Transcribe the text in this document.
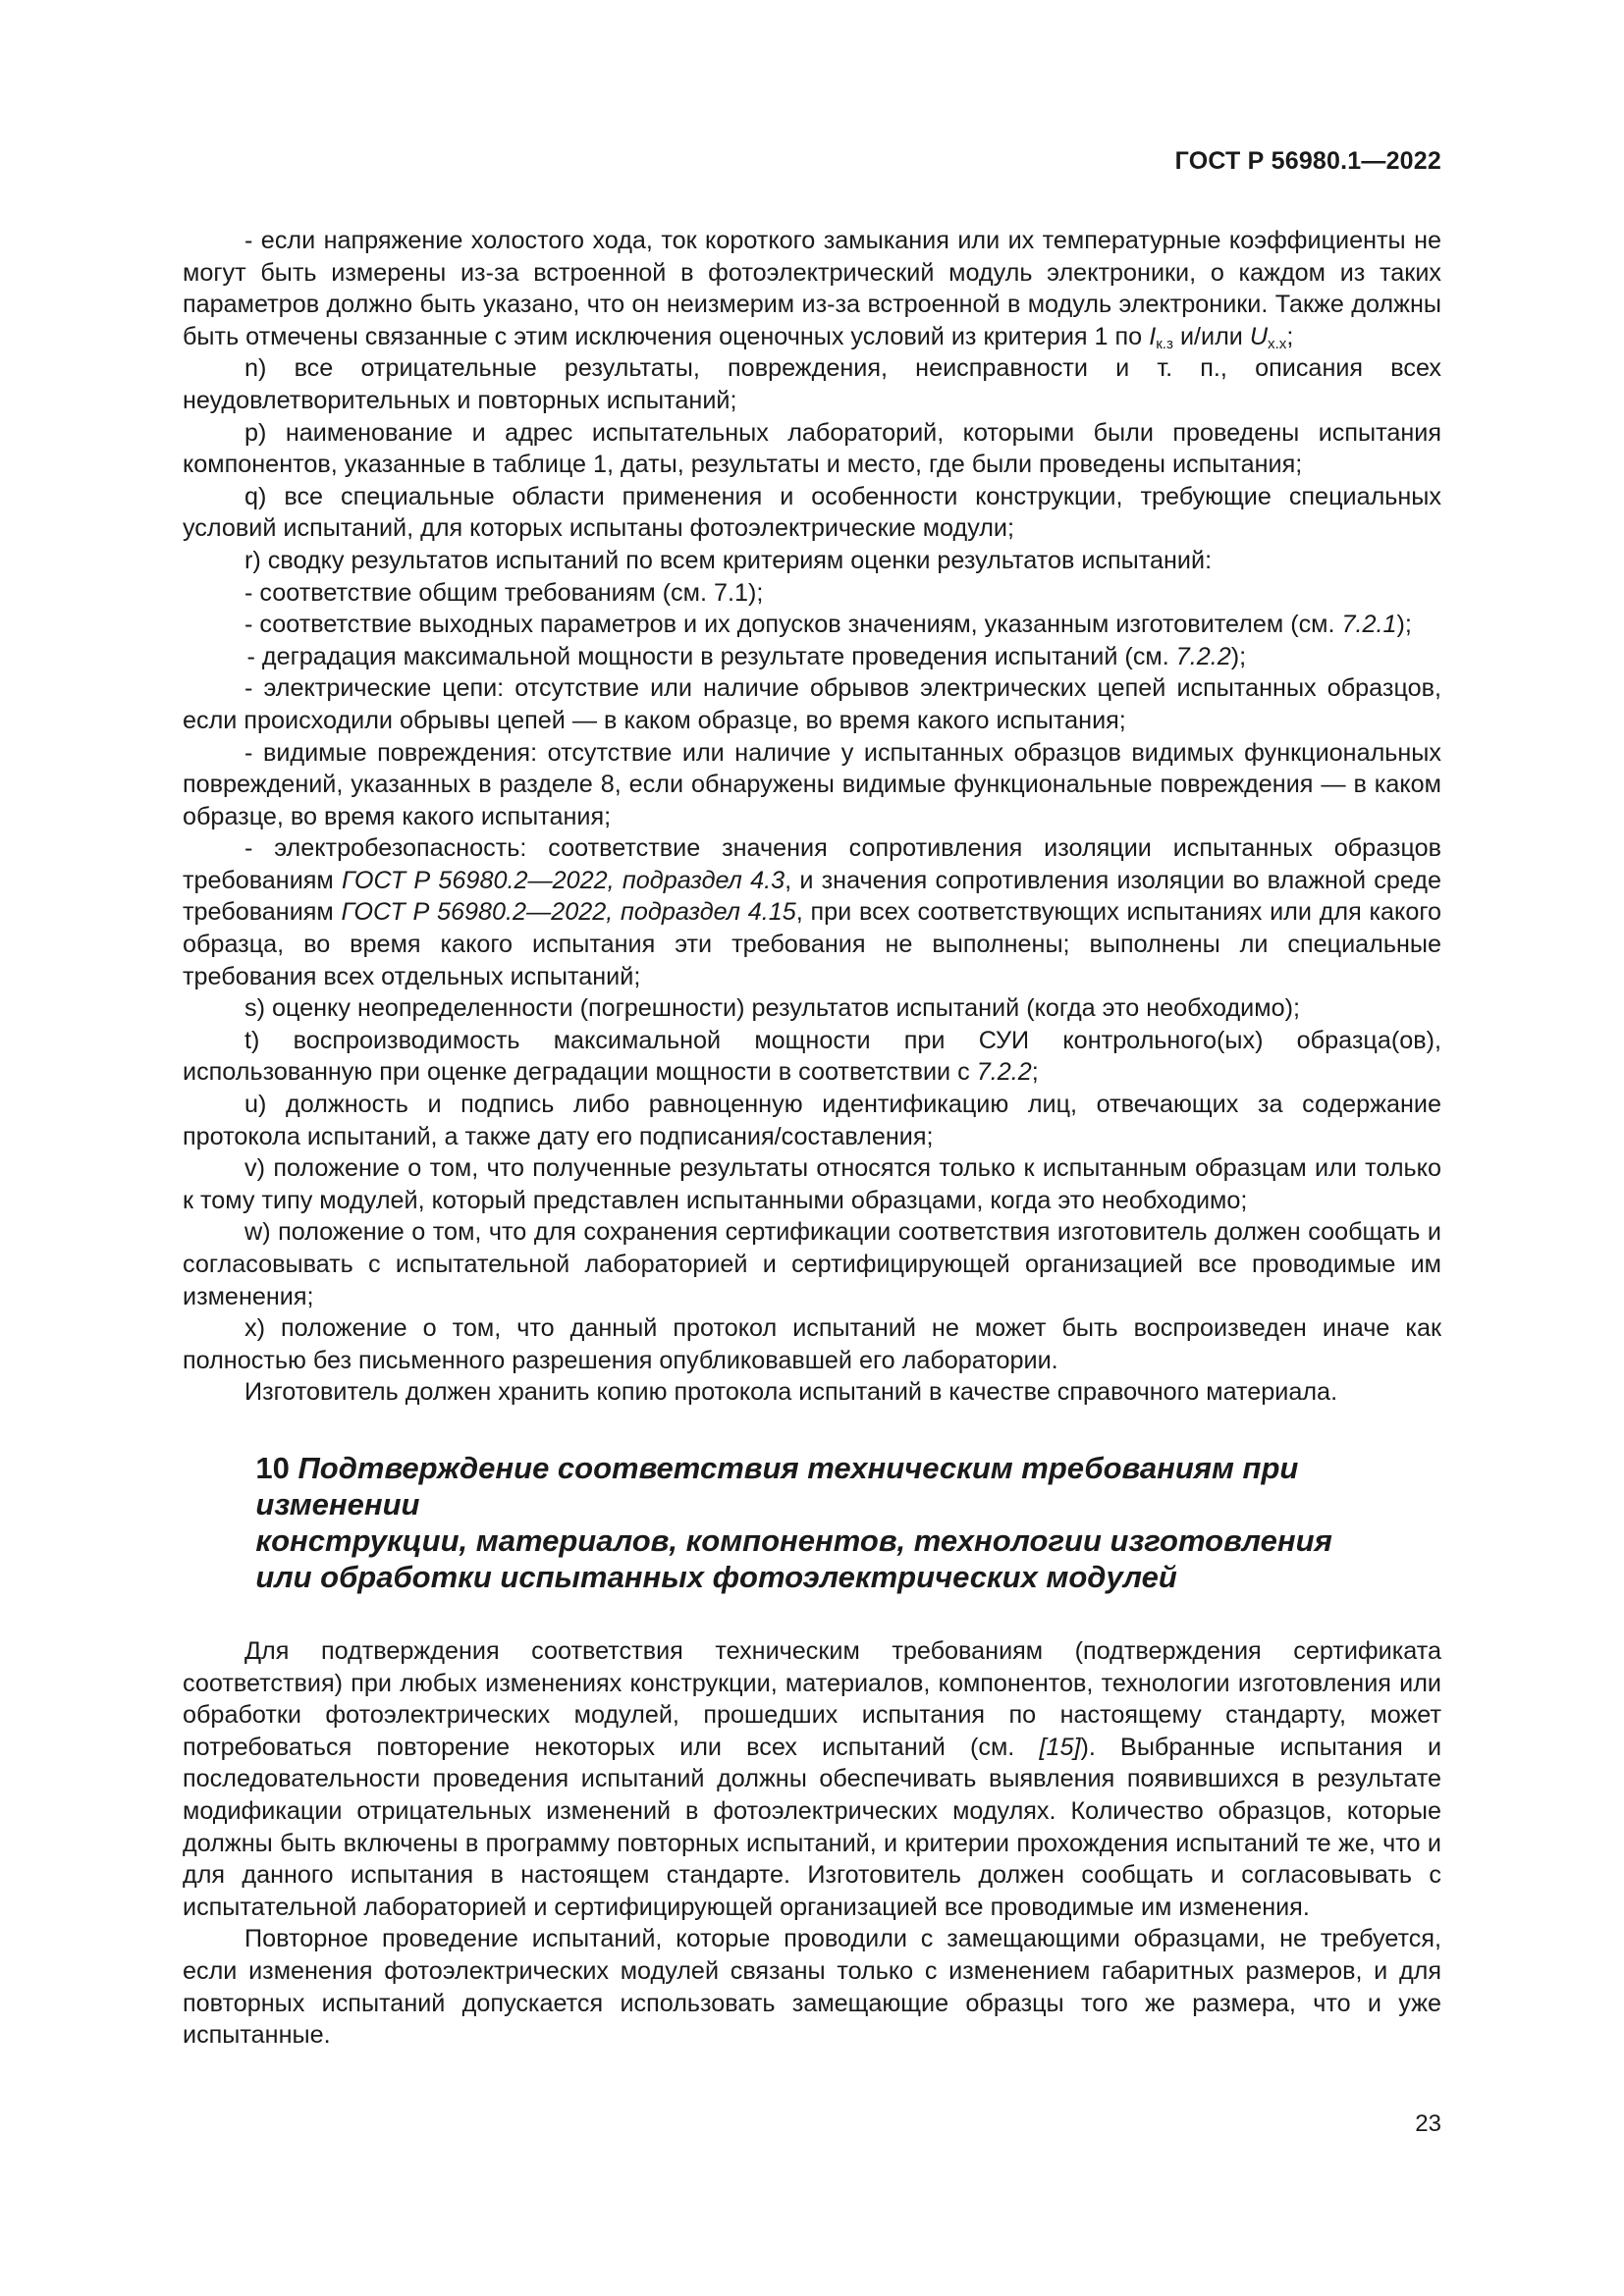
ГОСТ Р 56980.1—2022

- если напряжение холостого хода, ток короткого замыкания или их температурные коэффициенты не могут быть измерены из-за встроенной в фотоэлектрический модуль электроники, о каждом из таких параметров должно быть указано, что он неизмерим из-за встроенной в модуль электроники. Также должны быть отмечены связанные с этим исключения оценочных условий из критерия 1 по $I_{к.з}$ и/или $U_{х.х}$;

n) все отрицательные результаты, повреждения, неисправности и т. п., описания всех неудовлетворительных и повторных испытаний;

p) наименование и адрес испытательных лабораторий, которыми были проведены испытания компонентов, указанные в таблице 1, даты, результаты и место, где были проведены испытания;

q) все специальные области применения и особенности конструкции, требующие специальных условий испытаний, для которых испытаны фотоэлектрические модули;

r) сводку результатов испытаний по всем критериям оценки результатов испытаний:

- соответствие общим требованиям (см. 7.1);

- соответствие выходных параметров и их допусков значениям, указанным изготовителем (см. 7.2.1);

- деградация максимальной мощности в результате проведения испытаний (см. 7.2.2);

- электрические цепи: отсутствие или наличие обрывов электрических цепей испытанных образцов, если происходили обрывы цепей — в каком образце, во время какого испытания;

- видимые повреждения: отсутствие или наличие у испытанных образцов видимых функциональных повреждений, указанных в разделе 8, если обнаружены видимые функциональные повреждения — в каком образце, во время какого испытания;

- электробезопасность: соответствие значения сопротивления изоляции испытанных образцов требованиям ГОСТ Р 56980.2—2022, подраздел 4.3, и значения сопротивления изоляции во влажной среде требованиям ГОСТ Р 56980.2—2022, подраздел 4.15, при всех соответствующих испытаниях или для какого образца, во время какого испытания эти требования не выполнены; выполнены ли специальные требования всех отдельных испытаний;

s) оценку неопределенности (погрешности) результатов испытаний (когда это необходимо);

t) воспроизводимость максимальной мощности при СУИ контрольного(ых) образца(ов), использованную при оценке деградации мощности в соответствии с 7.2.2;

u) должность и подпись либо равноценную идентификацию лиц, отвечающих за содержание протокола испытаний, а также дату его подписания/составления;

v) положение о том, что полученные результаты относятся только к испытанным образцам или только к тому типу модулей, который представлен испытанными образцами, когда это необходимо;

w) положение о том, что для сохранения сертификации соответствия изготовитель должен сообщать и согласовывать с испытательной лабораторией и сертифицирующей организацией все проводимые им изменения;

x) положение о том, что данный протокол испытаний не может быть воспроизведен иначе как полностью без письменного разрешения опубликовавшей его лаборатории.

Изготовитель должен хранить копию протокола испытаний в качестве справочного материала.

10 Подтверждение соответствия техническим требованиям при изменении
конструкции, материалов, компонентов, технологии изготовления
или обработки испытанных фотоэлектрических модулей

Для подтверждения соответствия техническим требованиям (подтверждения сертификата соответствия) при любых изменениях конструкции, материалов, компонентов, технологии изготовления или обработки фотоэлектрических модулей, прошедших испытания по настоящему стандарту, может потребоваться повторение некоторых или всех испытаний (см. [15]). Выбранные испытания и последовательности проведения испытаний должны обеспечивать выявления появившихся в результате модификации отрицательных изменений в фотоэлектрических модулях. Количество образцов, которые должны быть включены в программу повторных испытаний, и критерии прохождения испытаний те же, что и для данного испытания в настоящем стандарте. Изготовитель должен сообщать и согласовывать с испытательной лабораторией и сертифицирующей организацией все проводимые им изменения.

Повторное проведение испытаний, которые проводили с замещающими образцами, не требуется, если изменения фотоэлектрических модулей связаны только с изменением габаритных размеров, и для повторных испытаний допускается использовать замещающие образцы того же размера, что и уже испытанные.

23
